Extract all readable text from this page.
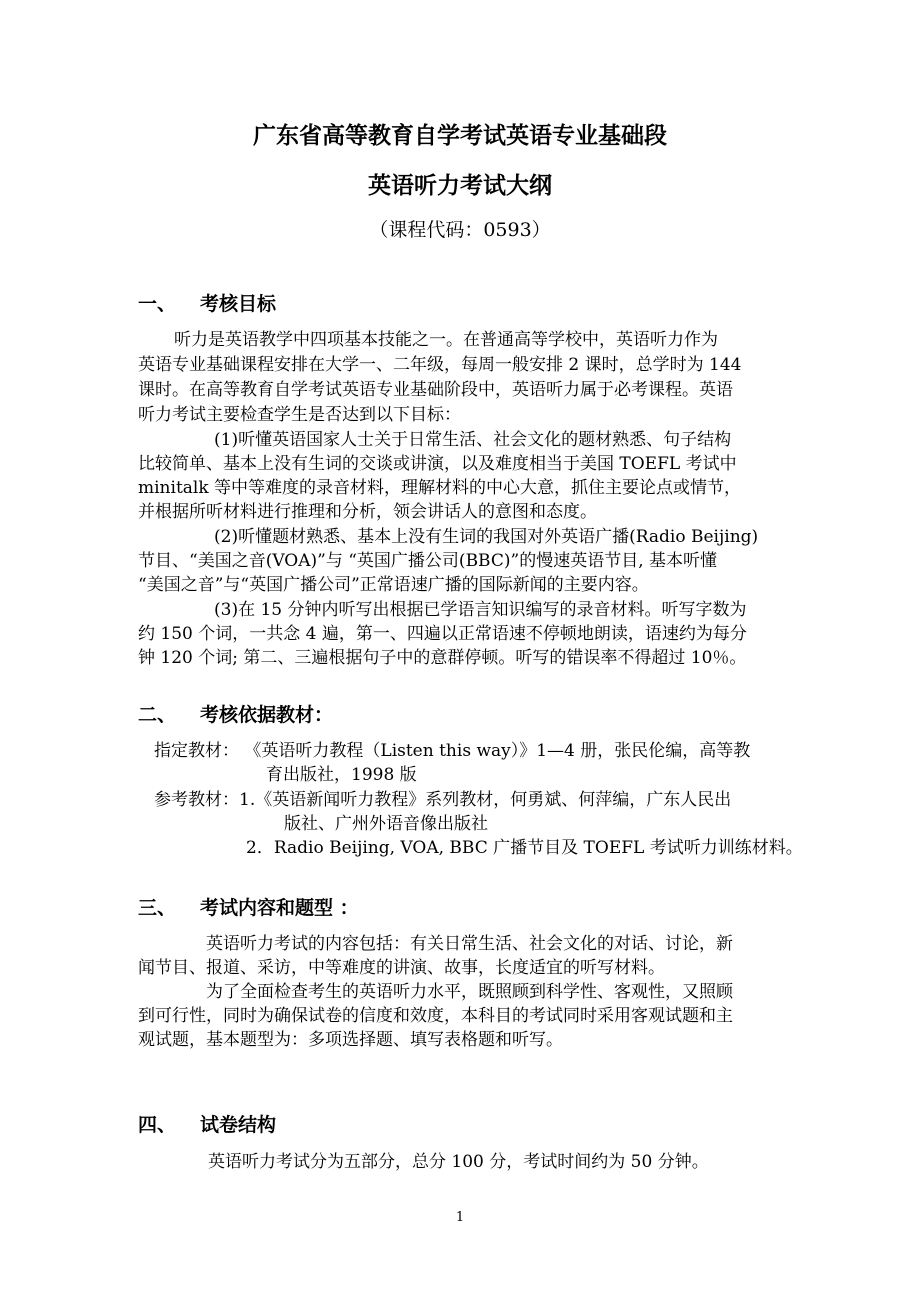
广东省高等教育自学考试英语专业基础段
英语听力考试大纲
（课程代码：0593）
一、 考核目标
听力是英语教学中四项基本技能之一。在普通高等学校中，英语听力作为
英语专业基础课程安排在大学一、二年级，每周一般安排 2 课时，总学时为 144
课时。在高等教育自学考试英语专业基础阶段中，英语听力属于必考课程。英语
听力考试主要检查学生是否达到以下目标：
(1)听懂英语国家人士关于日常生活、社会文化的题材熟悉、句子结构
比较简单、基本上没有生词的交谈或讲演，以及难度相当于美国 TOEFL 考试中
minitalk 等中等难度的录音材料，理解材料的中心大意，抓住主要论点或情节，
并根据所听材料进行推理和分析，领会讲话人的意图和态度。
(2)听懂题材熟悉、基本上没有生词的我国对外英语广播(Radio Beijing)
节目、“美国之音(VOA)”与 “英国广播公司(BBC)”的慢速英语节目, 基本听懂
“美国之音”与“英国广播公司”正常语速广播的国际新闻的主要内容。
(3)在 15 分钟内听写出根据已学语言知识编写的录音材料。听写字数为
约 150 个词，一共念 4 遍，第一、四遍以正常语速不停顿地朗读，语速约为每分
钟 120 个词; 第二、三遍根据句子中的意群停顿。听写的错误率不得超过 10％。
二、 考核依据教材：
指定教材： 《英语听力教程（Listen this way）》1—4 册，张民伦编，高等教
育出版社，1998 版
参考教材：1.《英语新闻听力教程》系列教材，何勇斌、何萍编，广东人民出
版社、广州外语音像出版社
2．Radio Beijing, VOA, BBC 广播节目及 TOEFL 考试听力训练材料。
三、 考试内容和题型 ：
英语听力考试的内容包括：有关日常生活、社会文化的对话、讨论，新
闻节目、报道、采访，中等难度的讲演、故事，长度适宜的听写材料。
为了全面检查考生的英语听力水平，既照顾到科学性、客观性，又照顾
到可行性，同时为确保试卷的信度和效度，本科目的考试同时采用客观试题和主
观试题，基本题型为：多项选择题、填写表格题和听写。
四、 试卷结构
英语听力考试分为五部分，总分 100 分，考试时间约为 50 分钟。
1
